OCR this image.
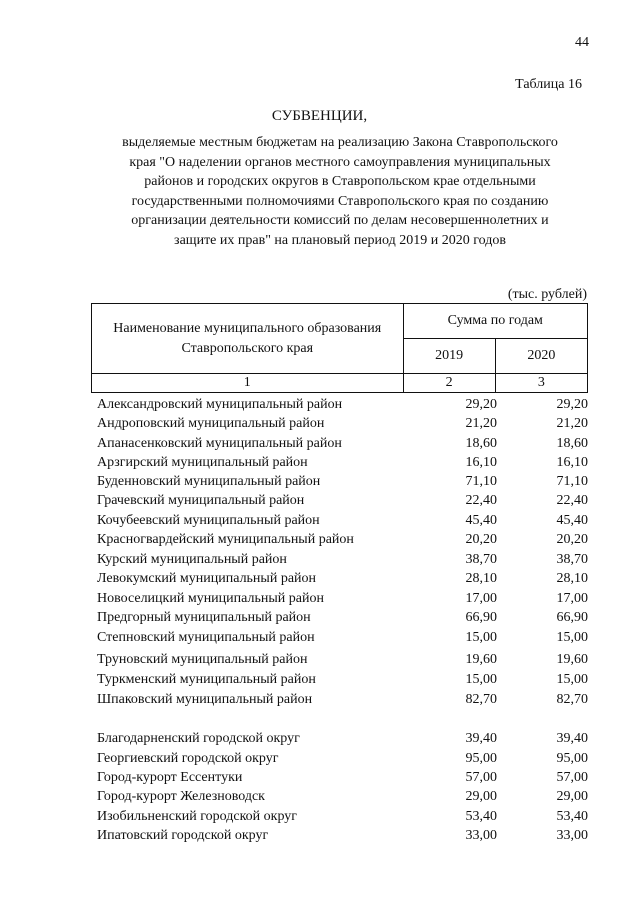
44
Таблица 16
СУБВЕНЦИИ,
выделяемые местным бюджетам на реализацию Закона Ставропольского
края "О наделении органов местного самоуправления муниципальных
районов и городских округов в Ставропольском крае отдельными
государственными полномочиями Ставропольского края по созданию
организации деятельности комиссий по делам несовершеннолетних и
защите их прав" на плановый период 2019 и 2020 годов
(тыс. рублей)
Наименование муниципального образования
Ставропольского края	Сумма по годам	
	2019	2020
1	2	3
Александровский муниципальный район	29,20	29,20
Андроповский муниципальный район	21,20	21,20
Апанасенковский муниципальный район	18,60	18,60
Арзгирский муниципальный район	16,10	16,10
Буденновский муниципальный район	71,10	71,10
Грачевский муниципальный район	22,40	22,40
Кочубеевский муниципальный район	45,40	45,40
Красногвардейский муниципальный район	20,20	20,20
Курский муниципальный район	38,70	38,70
Левокумский муниципальный район	28,10	28,10
Новоселицкий муниципальный район	17,00	17,00
Предгорный муниципальный район	66,90	66,90
Степновский муниципальный район	15,00	15,00
Труновский муниципальный район	19,60	19,60
Туркменский муниципальный район	15,00	15,00
Шпаковский муниципальный район	82,70	82,70
Благодарненский городской округ	39,40	39,40
Георгиевский городской округ	95,00	95,00
Город-курорт Ессентуки	57,00	57,00
Город-курорт Железноводск	29,00	29,00
Изобильненский городской округ	53,40	53,40
Ипатовский городской округ	33,00	33,00
